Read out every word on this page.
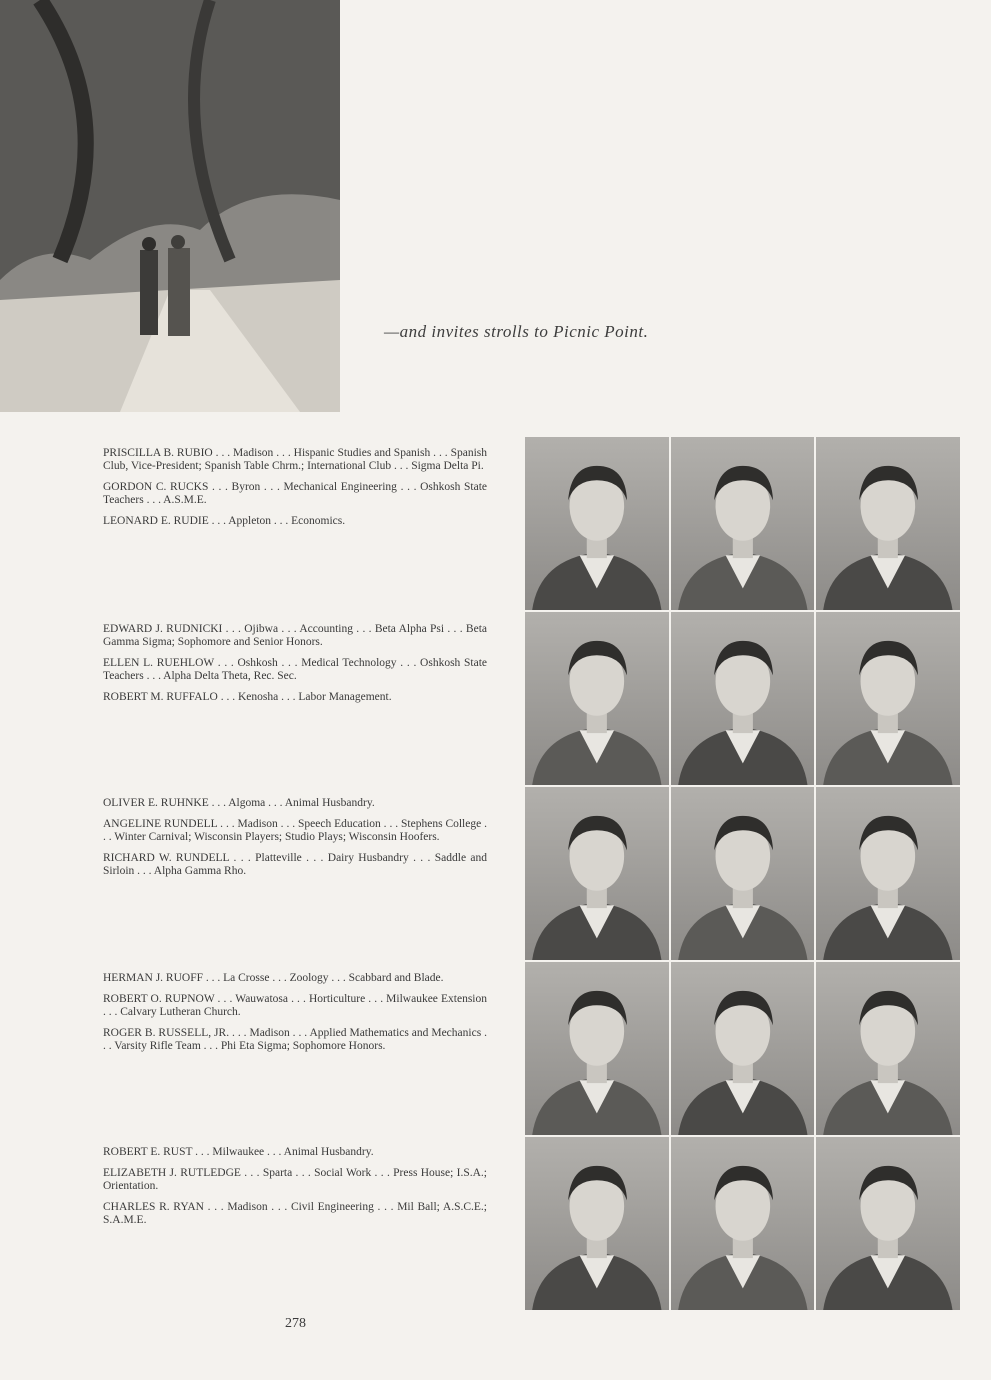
—and invites strolls to Picnic Point.

PRISCILLA B. RUBIO . . . Madison . . . Hispanic Studies and Spanish . . . Spanish Club, Vice-President; Spanish Table Chrm.; International Club . . . Sigma Delta Pi.

GORDON C. RUCKS . . . Byron . . . Mechanical Engineering . . . Oshkosh State Teachers . . . A.S.M.E.

LEONARD E. RUDIE . . . Appleton . . . Economics.

EDWARD J. RUDNICKI . . . Ojibwa . . . Accounting . . . Beta Alpha Psi . . . Beta Gamma Sigma; Sophomore and Senior Honors.

ELLEN L. RUEHLOW . . . Oshkosh . . . Medical Technology . . . Oshkosh State Teachers . . . Alpha Delta Theta, Rec. Sec.

ROBERT M. RUFFALO . . . Kenosha . . . Labor Management.

OLIVER E. RUHNKE . . . Algoma . . . Animal Husbandry.

ANGELINE RUNDELL . . . Madison . . . Speech Education . . . Stephens College . . . Winter Carnival; Wisconsin Players; Studio Plays; Wisconsin Hoofers.

RICHARD W. RUNDELL . . . Platteville . . . Dairy Husbandry . . . Saddle and Sirloin . . . Alpha Gamma Rho.

HERMAN J. RUOFF . . . La Crosse . . . Zoology . . . Scabbard and Blade.

ROBERT O. RUPNOW . . . Wauwatosa . . . Horticulture . . . Milwaukee Extension . . . Calvary Lutheran Church.

ROGER B. RUSSELL, JR. . . . Madison . . . Applied Mathematics and Mechanics . . . Varsity Rifle Team . . . Phi Eta Sigma; Sophomore Honors.

ROBERT E. RUST . . . Milwaukee . . . Animal Husbandry.

ELIZABETH J. RUTLEDGE . . . Sparta . . . Social Work . . . Press House; I.S.A.; Orientation.

CHARLES R. RYAN . . . Madison . . . Civil Engineering . . . Mil Ball; A.S.C.E.; S.A.M.E.

278
